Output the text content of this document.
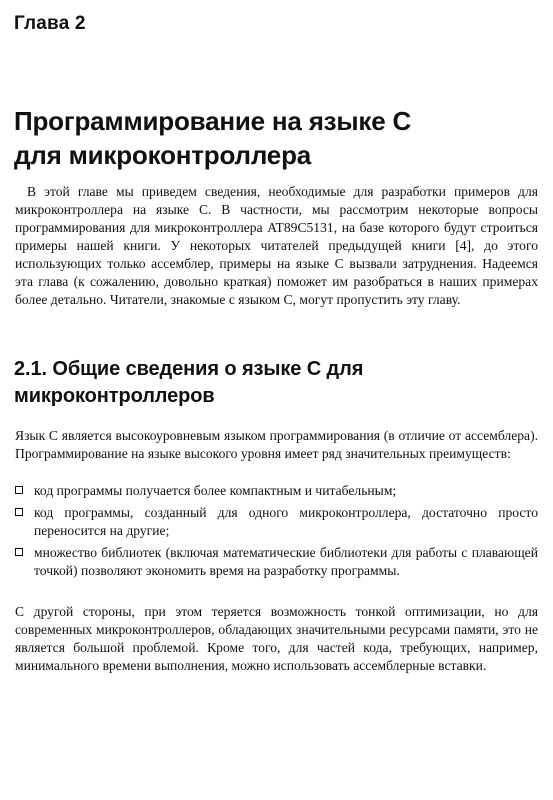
Глава 2
Программирование на языке С
для микроконтроллера

В этой главе мы приведем сведения, необходимые для разработки примеров для микроконтроллера на языке С. В частности, мы рассмотрим некоторые вопросы программирования для микроконтроллера AT89C5131, на базе которого будут строиться примеры нашей книги. У некоторых читателей предыдущей книги [4], до этого использующих только ассемблер, примеры на языке С вызвали затруднения. Надеемся эта глава (к сожалению, довольно краткая) поможет им разобраться в наших примерах более детально. Читатели, знакомые с языком С, могут пропустить эту главу.

2.1. Общие сведения о языке С для
микроконтроллеров

Язык С является высокоуровневым языком программирования (в отличие от ассемблера). Программирование на языке высокого уровня имеет ряд значительных преимуществ:

код программы получается более компактным и читабельным;
код программы, созданный для одного микроконтроллера, достаточно просто переносится на другие;
множество библиотек (включая математические библиотеки для работы с плавающей точкой) позволяют экономить время на разработку программы.

С другой стороны, при этом теряется возможность тонкой оптимизации, но для современных микроконтроллеров, обладающих значительными ресурсами памяти, это не является большой проблемой. Кроме того, для частей кода, требующих, например, минимального времени выполнения, можно использовать ассемблерные вставки.
